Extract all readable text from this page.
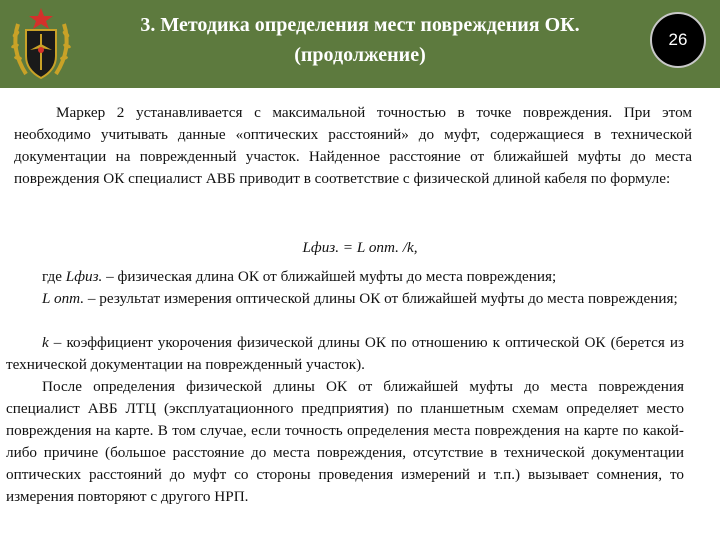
3. Методика определения мест повреждения ОК.
(продолжение)
26

Маркер 2 устанавливается с максимальной точностью в точке повреждения. При этом необходимо учитывать данные «оптических расстояний» до муфт, содержащиеся в технической документации на поврежденный участок. Найденное расстояние от ближайшей муфты до места повреждения ОК специалист АВБ приводит в соответствие с физической длиной кабеля по формуле:

Lфиз. = L опт. /k,

где Lфиз. – физическая длина ОК от ближайшей муфты до места повреждения;

L опт. – результат измерения оптической длины ОК от ближайшей муфты до места повреждения;

k – коэффициент укорочения физической длины ОК по отношению к оптической ОК (берется из технической документации на поврежденный участок).

После определения физической длины ОК от ближайшей муфты до места повреждения специалист АВБ ЛТЦ (эксплуатационного предприятия) по планшетным схемам определяет место повреждения на карте. В том случае, если точность определения места повреждения на карте по какой-либо причине (большое расстояние до места повреждения, отсутствие в технической документации оптических расстояний до муфт со стороны проведения измерений и т.п.) вызывает сомнения, то измерения повторяют с другого НРП.
